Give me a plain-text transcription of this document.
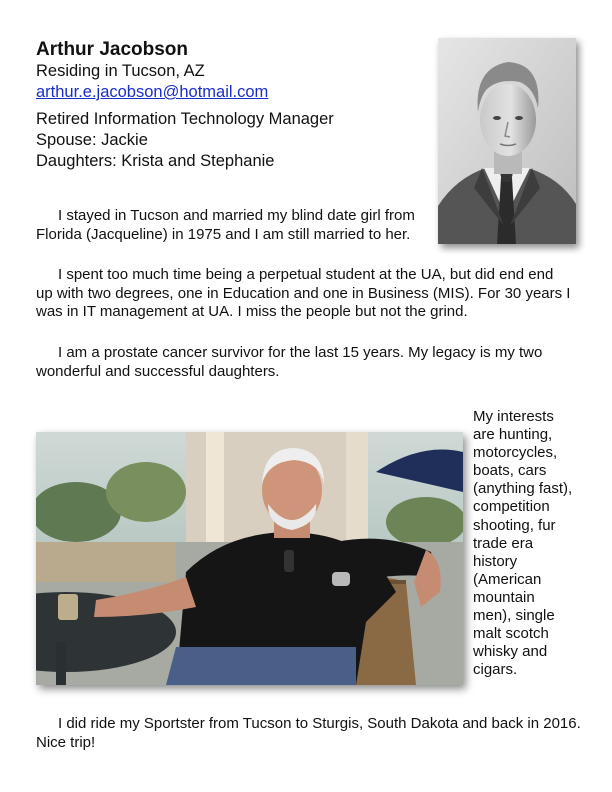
Arthur Jacobson

Residing in Tucson, AZ

arthur.e.jacobson@hotmail.com

Retired Information Technology Manager

Spouse: Jackie

Daughters: Krista and Stephanie

I stayed in Tucson and married my blind date girl from Florida (Jacqueline) in 1975 and I am still married to her.

I spent too much time being a perpetual student at the UA, but did end end up with two degrees, one in Education and one in Business (MIS). For 30 years I was in IT management at UA. I miss the people but not the grind.

I am a prostate cancer survivor for the last 15 years. My legacy is my two wonderful and successful daughters.

My interests are hunting, motorcycles, boats, cars (anything fast), competition shooting, fur trade era history (American mountain men), single malt scotch whisky and cigars.

I did ride my Sportster from Tucson to Sturgis, South Dakota and back in 2016. Nice trip!
